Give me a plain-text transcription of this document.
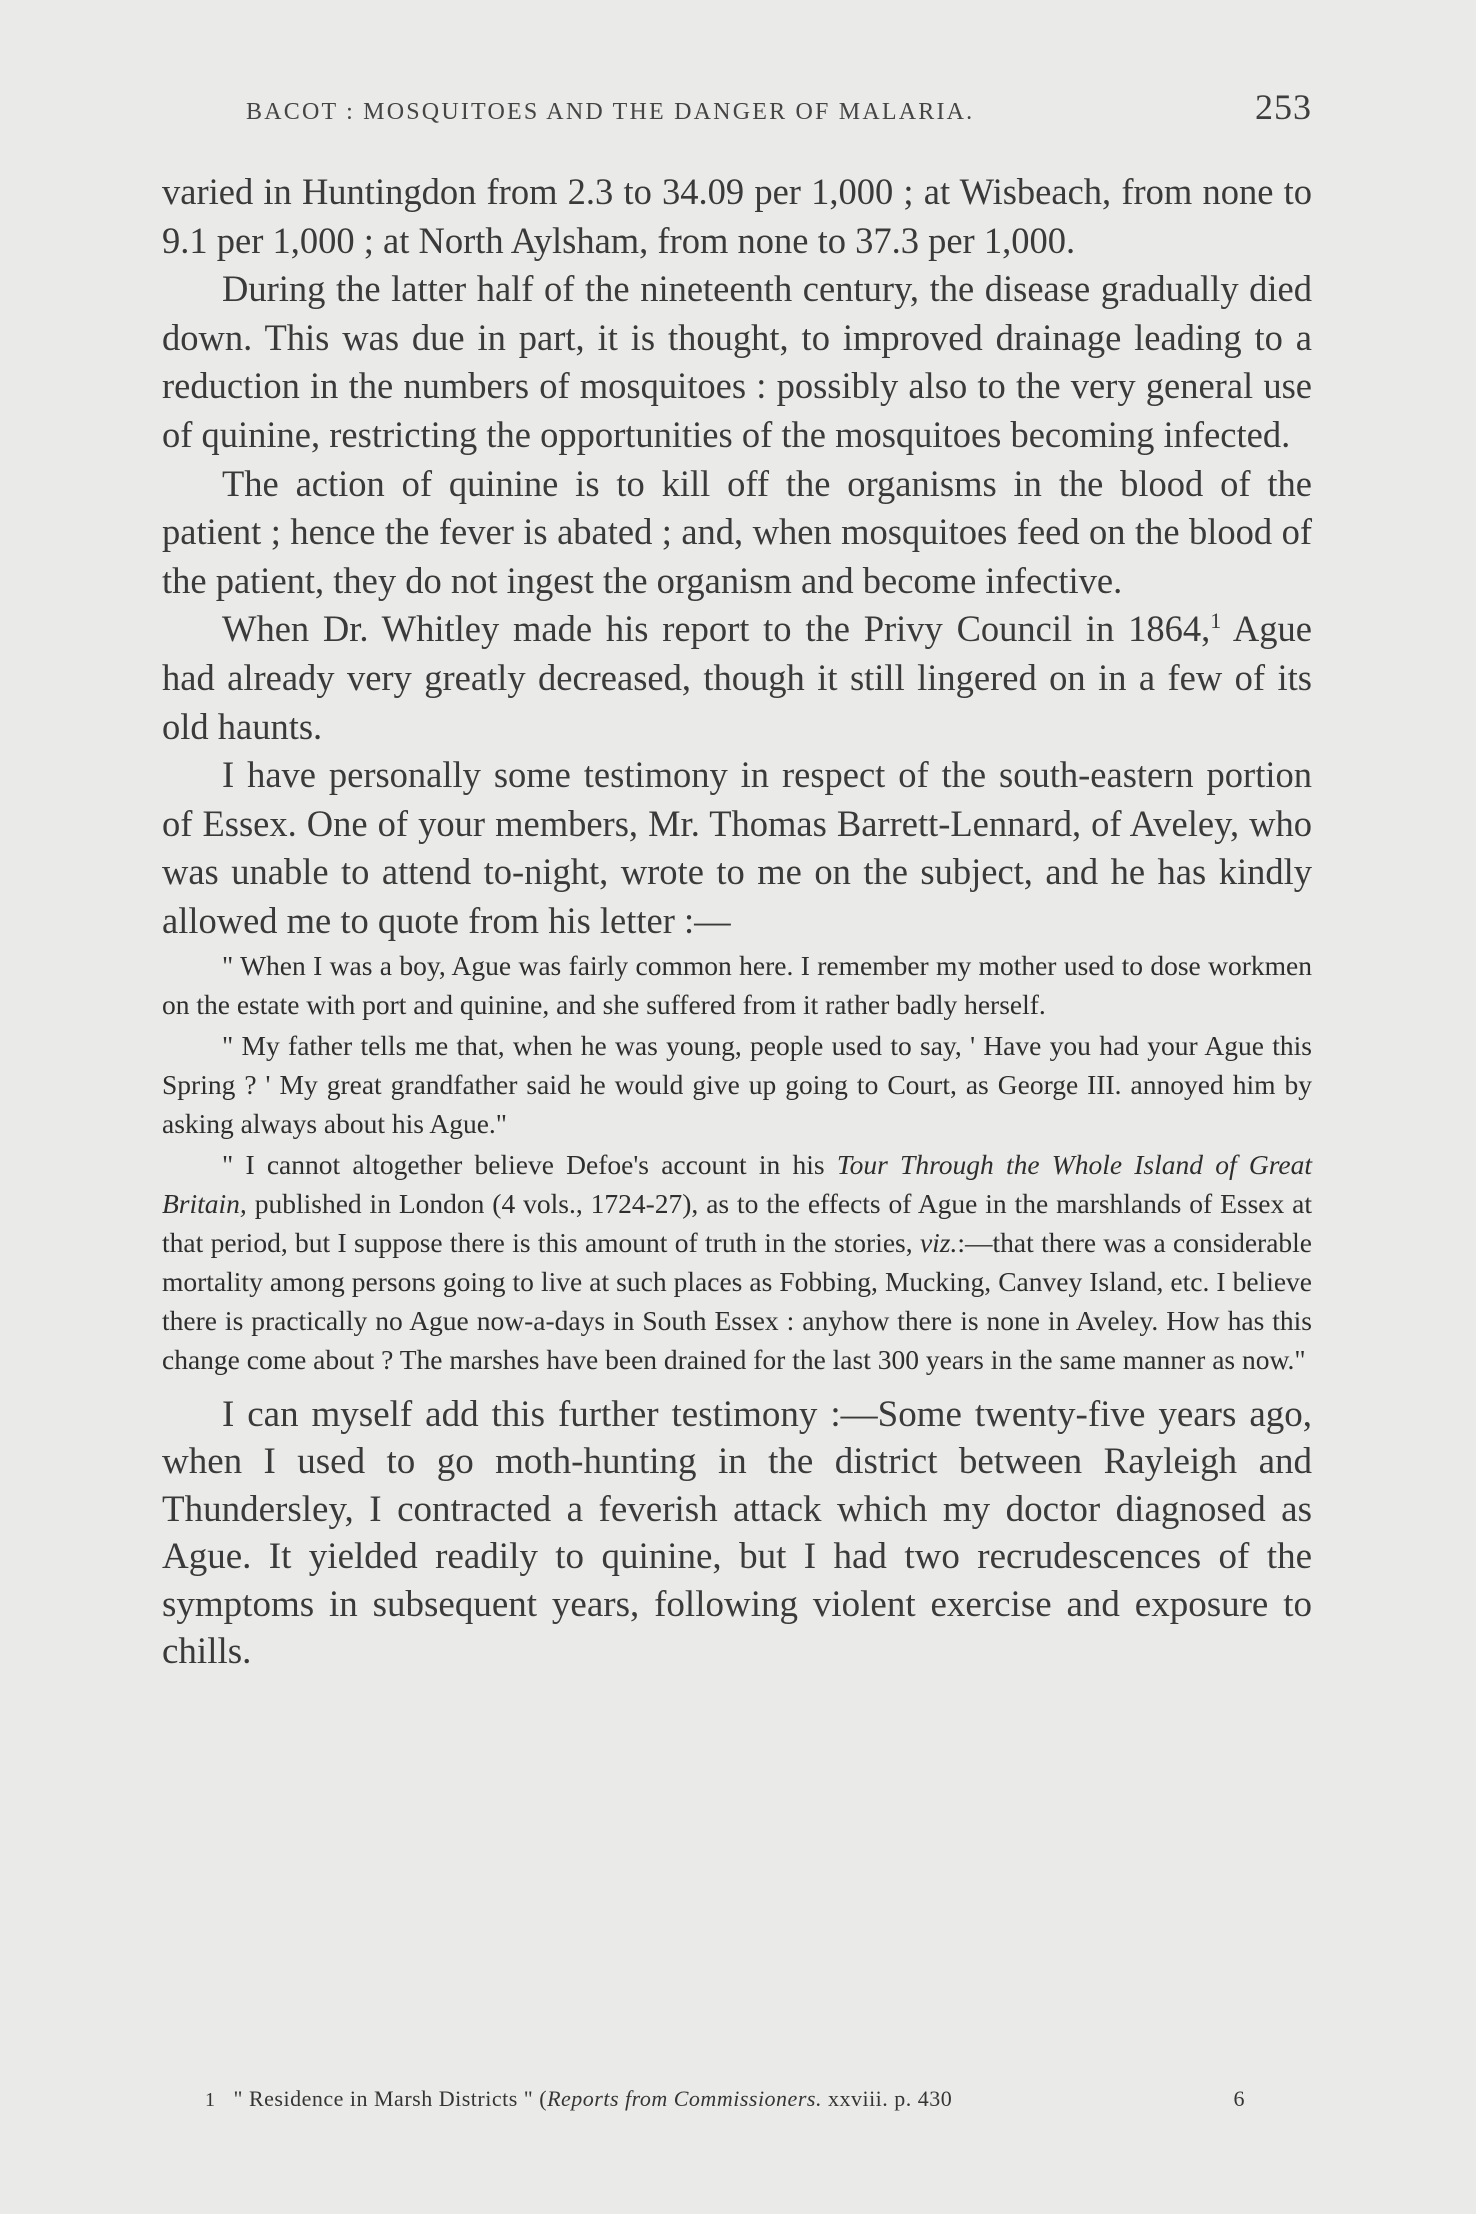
BACOT : MOSQUITOES AND THE DANGER OF MALARIA.	253

varied in Huntingdon from 2.3 to 34.09 per 1,000 ; at Wisbeach, from none to 9.1 per 1,000 ; at North Aylsham, from none to 37.3 per 1,000.

During the latter half of the nineteenth century, the disease gradually died down. This was due in part, it is thought, to improved drainage leading to a reduction in the numbers of mosquitoes : possibly also to the very general use of quinine, restricting the opportunities of the mosquitoes becoming infected.

The action of quinine is to kill off the organisms in the blood of the patient ; hence the fever is abated ; and, when mosquitoes feed on the blood of the patient, they do not ingest the organism and become infective.

When Dr. Whitley made his report to the Privy Council in 1864,$^1$ Ague had already very greatly decreased, though it still lingered on in a few of its old haunts.

I have personally some testimony in respect of the south-eastern portion of Essex. One of your members, Mr. Thomas Barrett-Lennard, of Aveley, who was unable to attend to-night, wrote to me on the subject, and he has kindly allowed me to quote from his letter :—

" When I was a boy, Ague was fairly common here. I remember my mother used to dose workmen on the estate with port and quinine, and she suffered from it rather badly herself.

" My father tells me that, when he was young, people used to say, ' Have you had your Ague this Spring ? ' My great grandfather said he would give up going to Court, as George III. annoyed him by asking always about his Ague."

" I cannot altogether believe Defoe's account in his Tour Through the Whole Island of Great Britain, published in London (4 vols., 1724-27), as to the effects of Ague in the marshlands of Essex at that period, but I suppose there is this amount of truth in the stories, viz.:—that there was a considerable mortality among persons going to live at such places as Fobbing, Mucking, Canvey Island, etc. I believe there is practically no Ague now-a-days in South Essex : anyhow there is none in Aveley. How has this change come about ? The marshes have been drained for the last 300 years in the same manner as now."

I can myself add this further testimony :—Some twenty-five years ago, when I used to go moth-hunting in the district between Rayleigh and Thundersley, I contracted a feverish attack which my doctor diagnosed as Ague. It yielded readily to quinine, but I had two recrudescences of the symptoms in subsequent years, following violent exercise and exposure to chills.

1 " Residence in Marsh Districts " (Reports from Commissioners. xxviii. p. 430	6
